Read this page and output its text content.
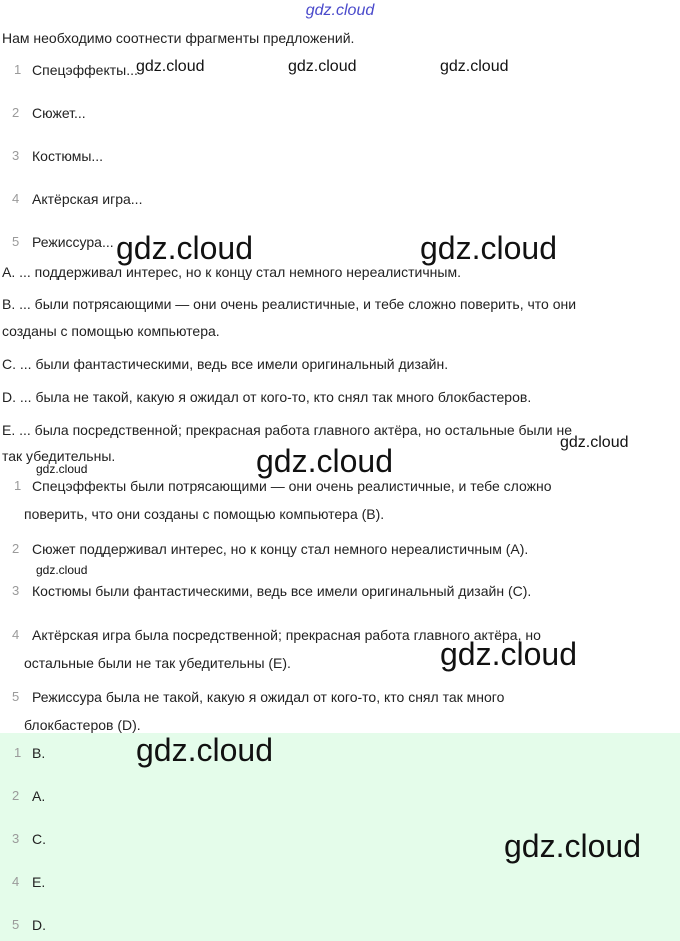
gdz.cloud
Нам необходимо соотнести фрагменты предложений.
1 Спецэффекты...
2 Сюжет...
3 Костюмы...
4 Актёрская игра...
5 Режиссура...
A. ... поддерживал интерес, но к концу стал немного нереалистичным.
B. ... были потрясающими — они очень реалистичные, и тебе сложно поверить, что они
созданы с помощью компьютера.
C. ... были фантастическими, ведь все имели оригинальный дизайн.
D. ... была не такой, какую я ожидал от кого-то, кто снял так много блокбастеров.
E. ... была посредственной; прекрасная работа главного актёра, но остальные были не
так убедительны.
1 Спецэффекты были потрясающими — они очень реалистичные, и тебе сложно
поверить, что они созданы с помощью компьютера (B).
2 Сюжет поддерживал интерес, но к концу стал немного нереалистичным (A).
3 Костюмы были фантастическими, ведь все имели оригинальный дизайн (C).
4 Актёрская игра была посредственной; прекрасная работа главного актёра, но
остальные были не так убедительны (E).
5 Режиссура была не такой, какую я ожидал от кого-то, кто снял так много
блокбастеров (D).
1 B.
2 A.
3 C.
4 E.
5 D.
gdz.cloud	gdz.cloud	gdz.cloud
gdz.cloud	gdz.cloud
gdz.cloud
gdz.cloud
gdz.cloud
gdz.cloud
gdz.cloud
gdz.cloud
gdz.cloud
